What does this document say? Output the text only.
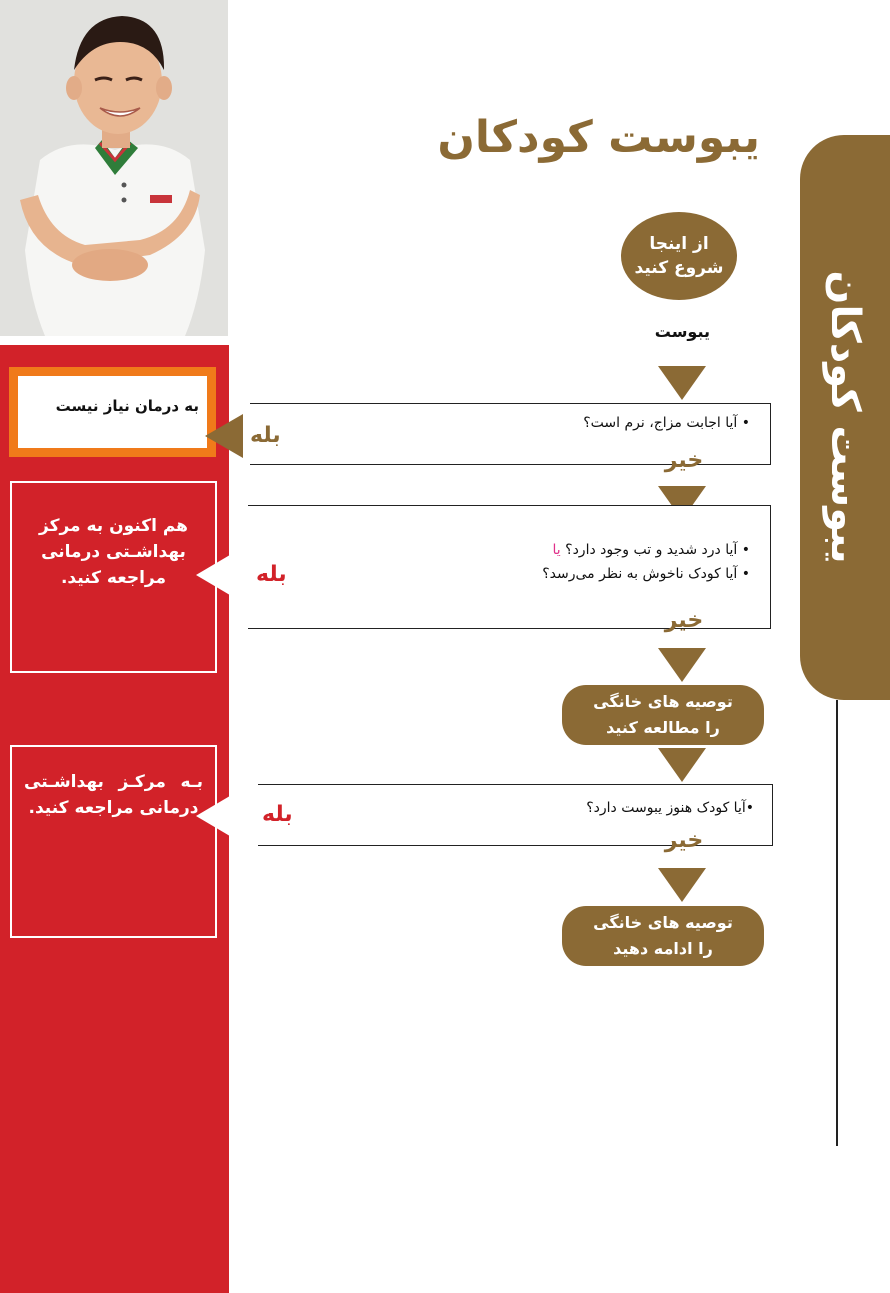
به درمان نیاز نیست
هم اکنون به مرکز بهداشـتی درمانی مراجعه کنید.
بـه مرکـز بهداشـتی درمانی مراجعه کنید.
یبوست کودکان
یبوست کودکان
از اینجا
شروع کنید
یبوست
• آیا اجابت مزاج، نرم است؟
بله
خیر
• آیا درد شدید و تب وجود دارد؟ یا
• آیا کودک ناخوش به نظر می‌رسد؟
بله
خیر
توصیه های خانگی
را مطالعه کنید
•آیا کودک هنوز یبوست دارد؟
بله
خیر
توصیه های خانگی
را ادامه دهید
